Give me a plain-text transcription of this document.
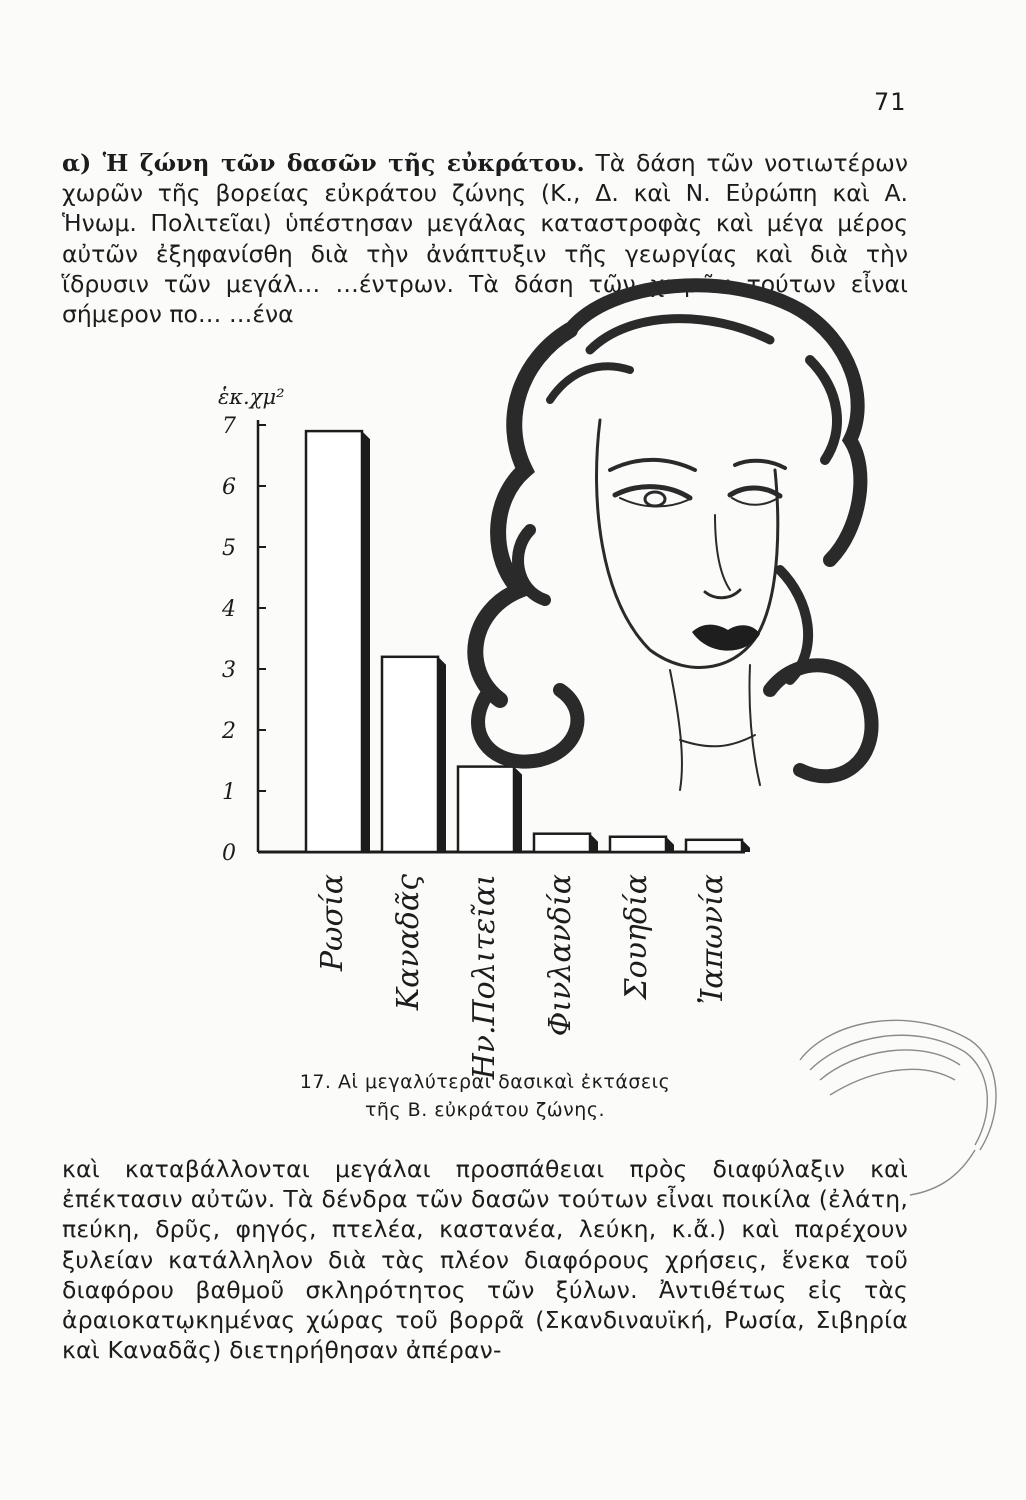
71

α) Ἡ ζώνη τῶν δασῶν τῆς εὐκράτου. Τὰ δάση τῶν νοτιωτέρων χωρῶν τῆς βορείας εὐκράτου ζώνης (Κ., Δ. καὶ Ν. Εὐρώπη καὶ Α. Ἡνωμ. Πολιτεῖαι) ὑπέστησαν μεγάλας καταστροφὰς καὶ μέγα μέρος αὐτῶν ἐξηφανίσθη διὰ τὴν ἀνάπτυξιν τῆς γεωργίας καὶ διὰ τὴν ἵδρυσιν τῶν μεγάλ… …έντρων. Τὰ δάση τῶν χωρῶν τούτων εἶναι σήμερον πο… …ένα

0
1
2
3
4
5
6
7
ἑκ.χμ²
Ρωσία Καναδᾶς Ην.Πολιτεῖαι Φινλανδία Σουηδία Ἰαπωνία
17. Αἱ μεγαλύτεραι δασικαὶ ἐκτάσεις
τῆς Β. εὐκράτου ζώνης.

καὶ καταβάλλονται μεγάλαι προσπάθειαι πρὸς διαφύλαξιν καὶ ἐπέκτασιν αὐτῶν. Τὰ δένδρα τῶν δασῶν τούτων εἶναι ποικίλα (ἐλάτη, πεύκη, δρῦς, φηγός, πτελέα, καστανέα, λεύκη, κ.ἄ.) καὶ παρέχουν ξυλείαν κατάλληλον διὰ τὰς πλέον διαφόρους χρήσεις, ἕνεκα τοῦ διαφόρου βαθμοῦ σκληρότητος τῶν ξύλων. Ἀντιθέτως εἰς τὰς ἀραιοκατῳκημένας χώρας τοῦ βορρᾶ (Σκανδιναυϊκή, Ρωσία, Σιβηρία καὶ Καναδᾶς) διετηρήθησαν ἀπέραν-
